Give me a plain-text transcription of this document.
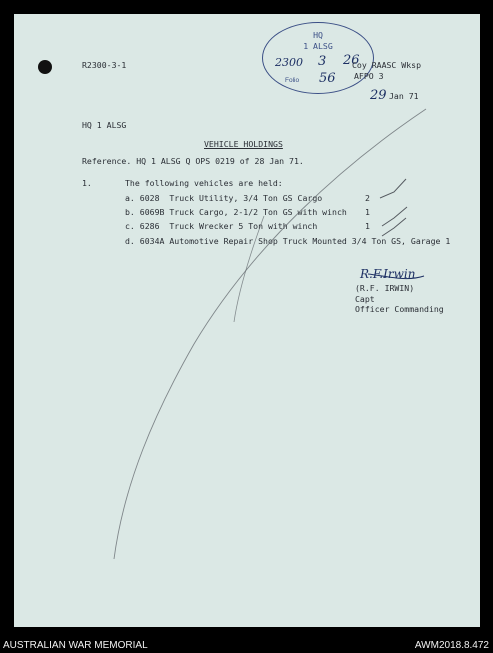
R2300-3-1
HQ
1 ALSG
2300 3 26
Folio 56
Coy RAASC Wksp
AFPO 3
29 Jan 71
HQ 1 ALSG
VEHICLE HOLDINGS
Reference. HQ 1 ALSG Q OPS 0219 of 28 Jan 71.
1.	The following vehicles are held:
a. 6028  Truck Utility, 3/4 Ton GS Cargo	2
b. 6069B Truck Cargo, 2-1/2 Ton GS with winch 1
c. 6286  Truck Wrecker 5 Ton with winch	1
d. 6034A Automotive Repair Shop Truck Mounted 3/4 Ton GS, Garage 1
R.F.Irwin
(R.F. IRWIN)
Capt
Officer Commanding
AUSTRALIAN WAR MEMORIAL	AWM2018.8.472
